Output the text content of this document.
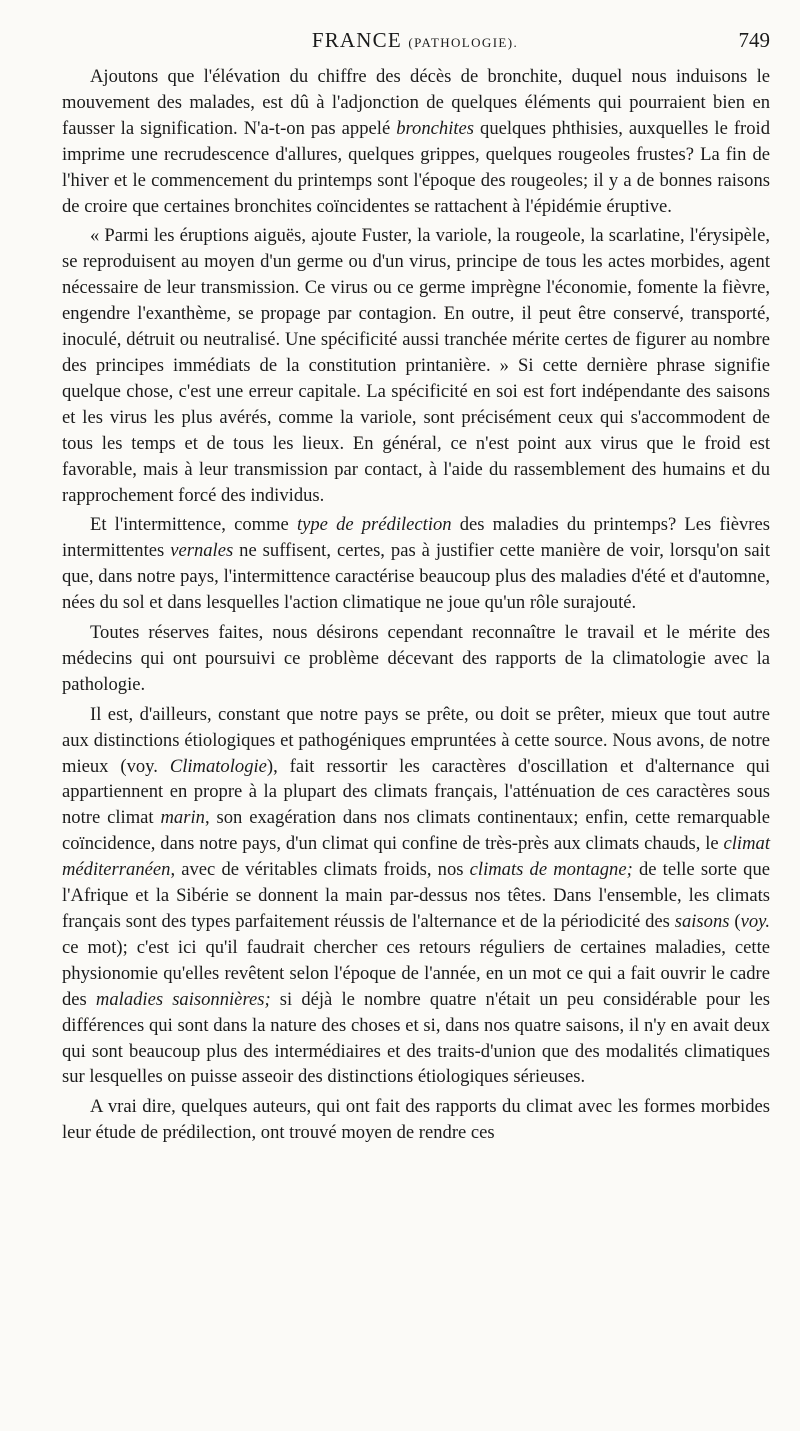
FRANCE (PATHOLOGIE).	749

Ajoutons que l'élévation du chiffre des décès de bronchite, duquel nous induisons le mouvement des malades, est dû à l'adjonction de quelques éléments qui pourraient bien en fausser la signification. N'a-t-on pas appelé bronchites quelques phthisies, auxquelles le froid imprime une recrudescence d'allures, quelques grippes, quelques rougeoles frustes? La fin de l'hiver et le commencement du printemps sont l'époque des rougeoles; il y a de bonnes raisons de croire que certaines bronchites coïncidentes se rattachent à l'épidémie éruptive.

« Parmi les éruptions aiguës, ajoute Fuster, la variole, la rougeole, la scarlatine, l'érysipèle, se reproduisent au moyen d'un germe ou d'un virus, principe de tous les actes morbides, agent nécessaire de leur transmission. Ce virus ou ce germe imprègne l'économie, fomente la fièvre, engendre l'exanthème, se propage par contagion. En outre, il peut être conservé, transporté, inoculé, détruit ou neutralisé. Une spécificité aussi tranchée mérite certes de figurer au nombre des principes immédiats de la constitution printanière. » Si cette dernière phrase signifie quelque chose, c'est une erreur capitale. La spécificité en soi est fort indépendante des saisons et les virus les plus avérés, comme la variole, sont précisément ceux qui s'accommodent de tous les temps et de tous les lieux. En général, ce n'est point aux virus que le froid est favorable, mais à leur transmission par contact, à l'aide du rassemblement des humains et du rapprochement forcé des individus.

Et l'intermittence, comme type de prédilection des maladies du printemps? Les fièvres intermittentes vernales ne suffisent, certes, pas à justifier cette manière de voir, lorsqu'on sait que, dans notre pays, l'intermittence caractérise beaucoup plus des maladies d'été et d'automne, nées du sol et dans lesquelles l'action climatique ne joue qu'un rôle surajouté.

Toutes réserves faites, nous désirons cependant reconnaître le travail et le mérite des médecins qui ont poursuivi ce problème décevant des rapports de la climatologie avec la pathologie.

Il est, d'ailleurs, constant que notre pays se prête, ou doit se prêter, mieux que tout autre aux distinctions étiologiques et pathogéniques empruntées à cette source. Nous avons, de notre mieux (voy. Climatologie), fait ressortir les caractères d'oscillation et d'alternance qui appartiennent en propre à la plupart des climats français, l'atténuation de ces caractères sous notre climat marin, son exagération dans nos climats continentaux; enfin, cette remarquable coïncidence, dans notre pays, d'un climat qui confine de très-près aux climats chauds, le climat méditerranéen, avec de véritables climats froids, nos climats de montagne; de telle sorte que l'Afrique et la Sibérie se donnent la main par-dessus nos têtes. Dans l'ensemble, les climats français sont des types parfaitement réussis de l'alternance et de la périodicité des saisons (voy. ce mot); c'est ici qu'il faudrait chercher ces retours réguliers de certaines maladies, cette physionomie qu'elles revêtent selon l'époque de l'année, en un mot ce qui a fait ouvrir le cadre des maladies saisonnières; si déjà le nombre quatre n'était un peu considérable pour les différences qui sont dans la nature des choses et si, dans nos quatre saisons, il n'y en avait deux qui sont beaucoup plus des intermédiaires et des traits-d'union que des modalités climatiques sur lesquelles on puisse asseoir des distinctions étiologiques sérieuses.

A vrai dire, quelques auteurs, qui ont fait des rapports du climat avec les formes morbides leur étude de prédilection, ont trouvé moyen de rendre ces
